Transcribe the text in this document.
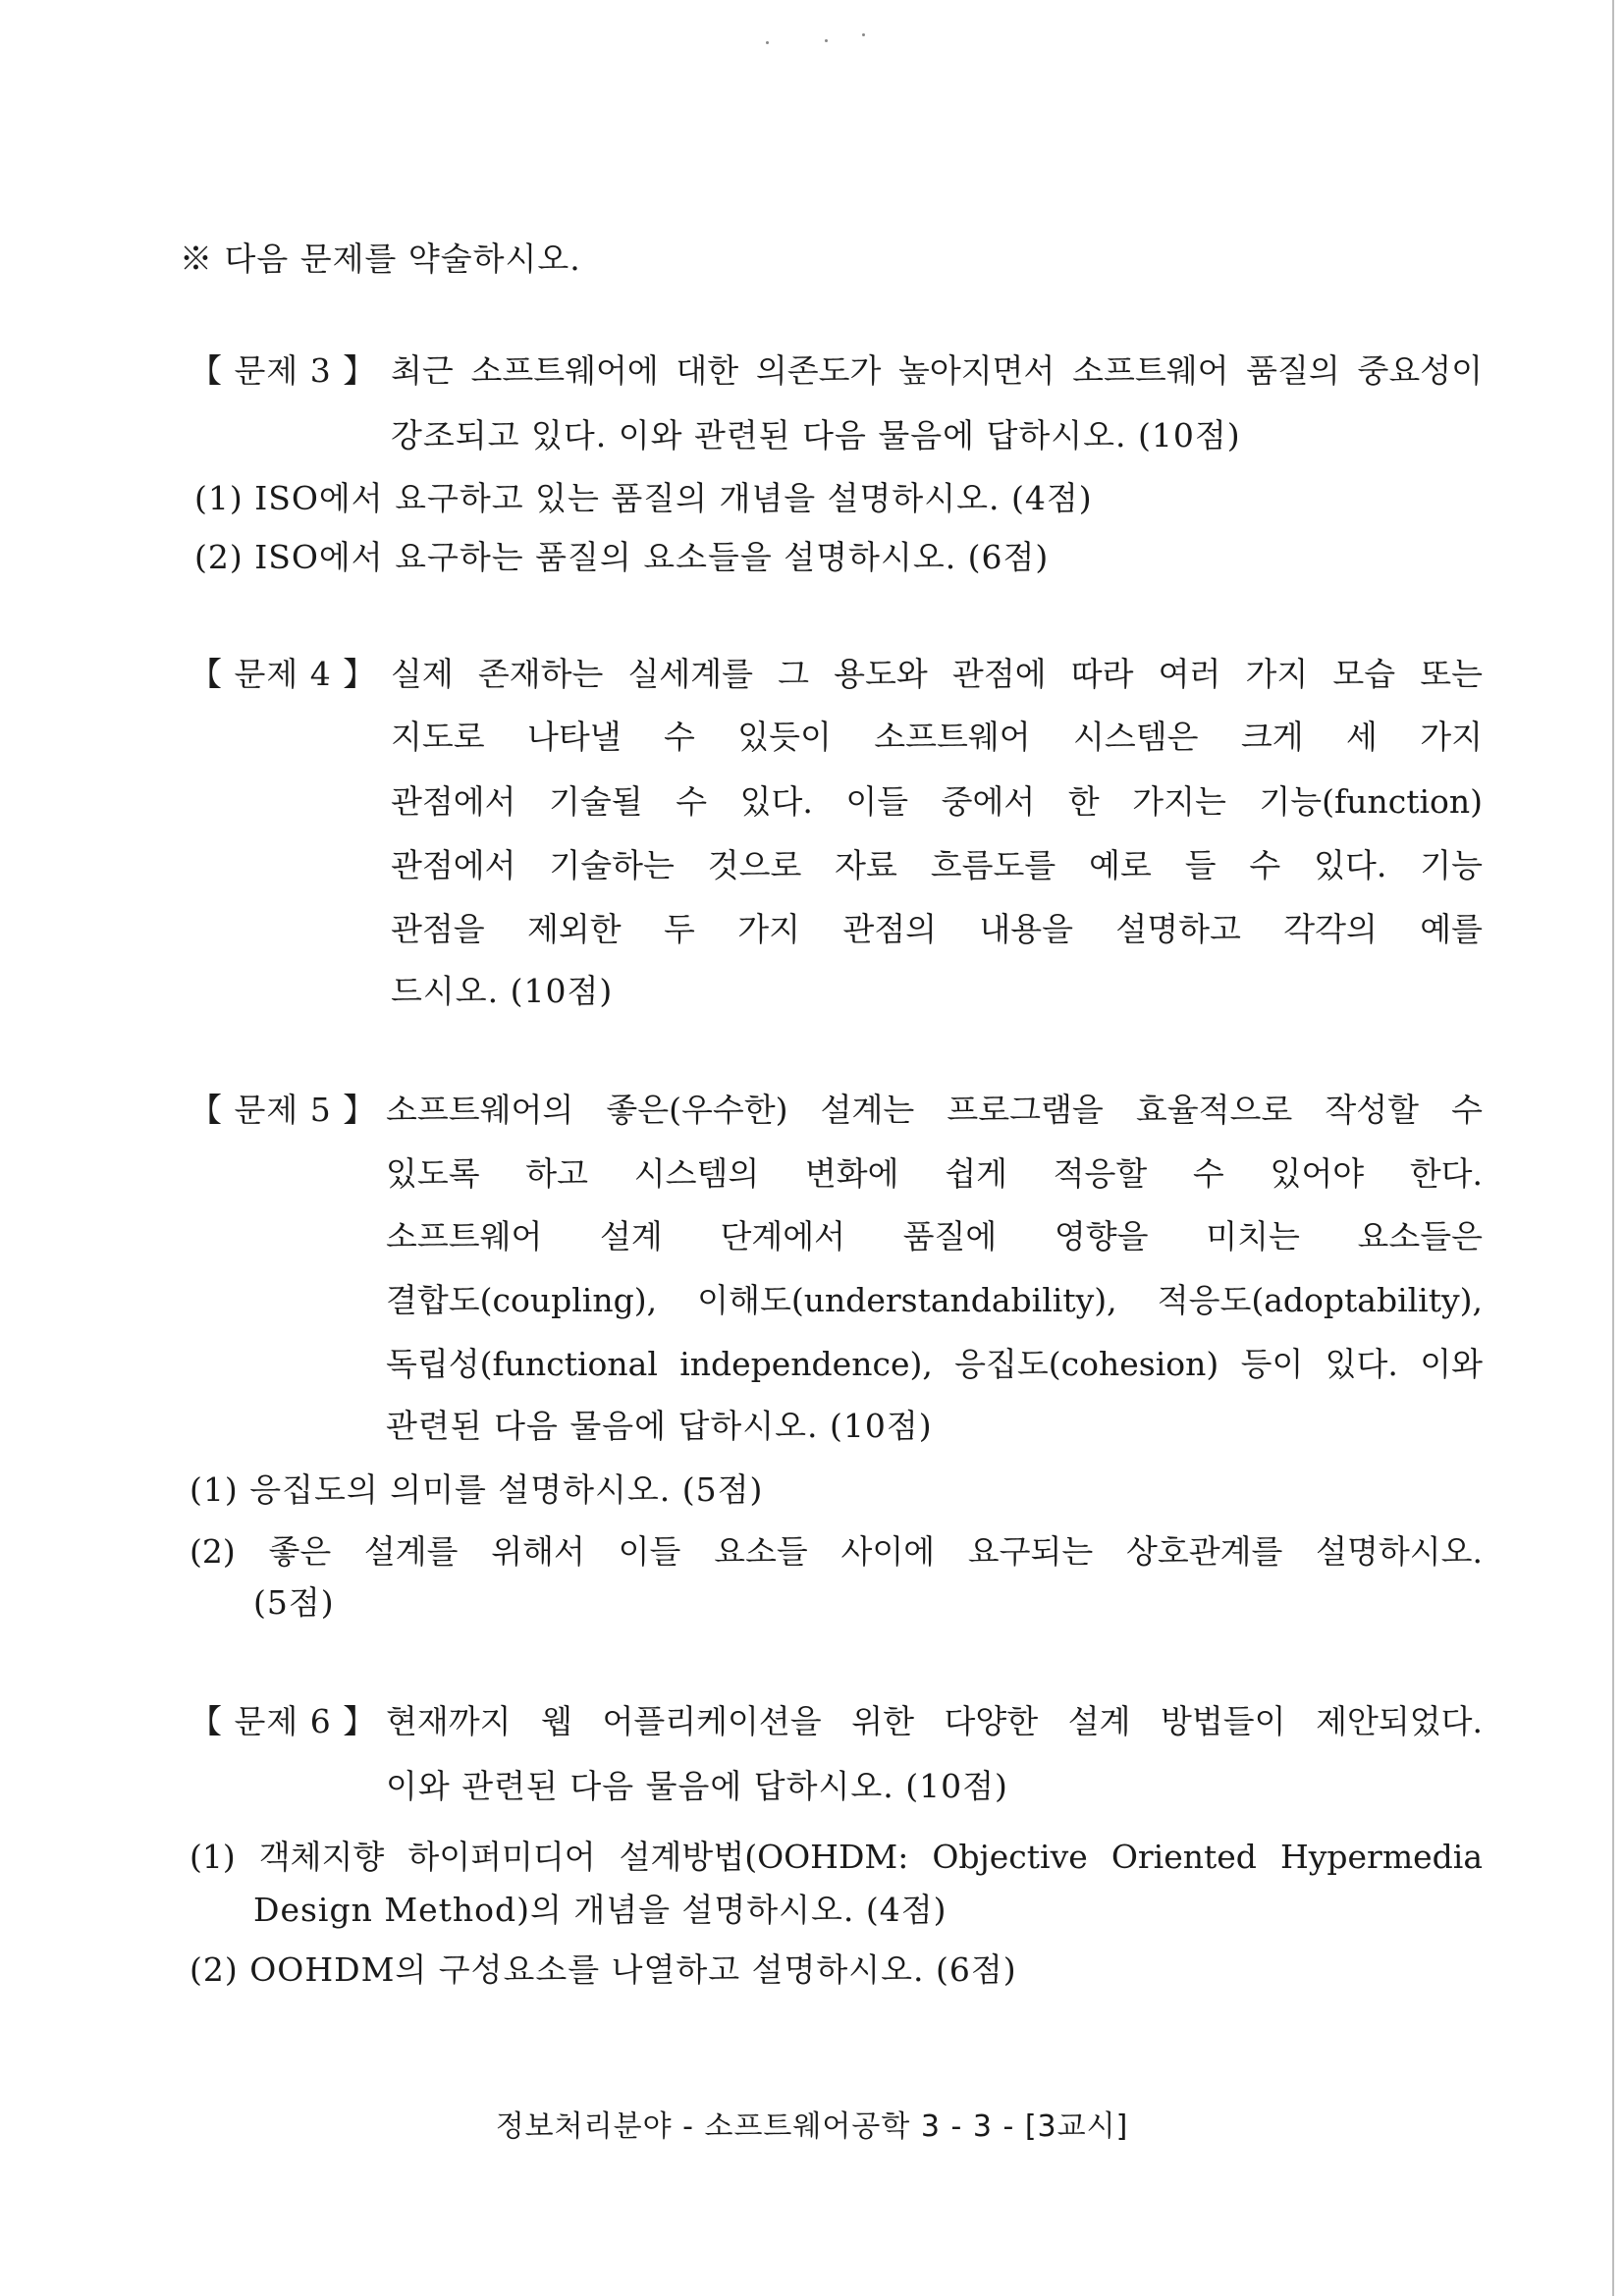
※ 다음 문제를 약술하시오.
【 문제 3 】 최근 소프트웨어에 대한 의존도가 높아지면서 소프트웨어 품질의 중요성이
강조되고 있다. 이와 관련된 다음 물음에 답하시오. (10점)
(1) ISO에서 요구하고 있는 품질의 개념을 설명하시오. (4점)
(2) ISO에서 요구하는 품질의 요소들을 설명하시오. (6점)
【 문제 4 】 실제 존재하는 실세계를 그 용도와 관점에 따라 여러 가지 모습 또는
지도로 나타낼 수 있듯이 소프트웨어 시스템은 크게 세 가지
관점에서 기술될 수 있다. 이들 중에서 한 가지는 기능(function)
관점에서 기술하는 것으로 자료 흐름도를 예로 들 수 있다. 기능
관점을 제외한 두 가지 관점의 내용을 설명하고 각각의 예를
드시오. (10점)
【 문제 5 】 소프트웨어의 좋은(우수한) 설계는 프로그램을 효율적으로 작성할 수
있도록 하고 시스템의 변화에 쉽게 적응할 수 있어야 한다.
소프트웨어 설계 단계에서 품질에 영향을 미치는 요소들은
결합도(coupling), 이해도(understandability), 적응도(adoptability),
독립성(functional independence), 응집도(cohesion) 등이 있다. 이와
관련된 다음 물음에 답하시오. (10점)
(1) 응집도의 의미를 설명하시오. (5점)
(2) 좋은 설계를 위해서 이들 요소들 사이에 요구되는 상호관계를 설명하시오.
(5점)
【 문제 6 】 현재까지 웹 어플리케이션을 위한 다양한 설계 방법들이 제안되었다.
이와 관련된 다음 물음에 답하시오. (10점)
(1) 객체지향 하이퍼미디어 설계방법(OOHDM: Objective Oriented Hypermedia
Design Method)의 개념을 설명하시오. (4점)
(2) OOHDM의 구성요소를 나열하고 설명하시오. (6점)
정보처리분야 - 소프트웨어공학 3 - 3 - [3교시]
